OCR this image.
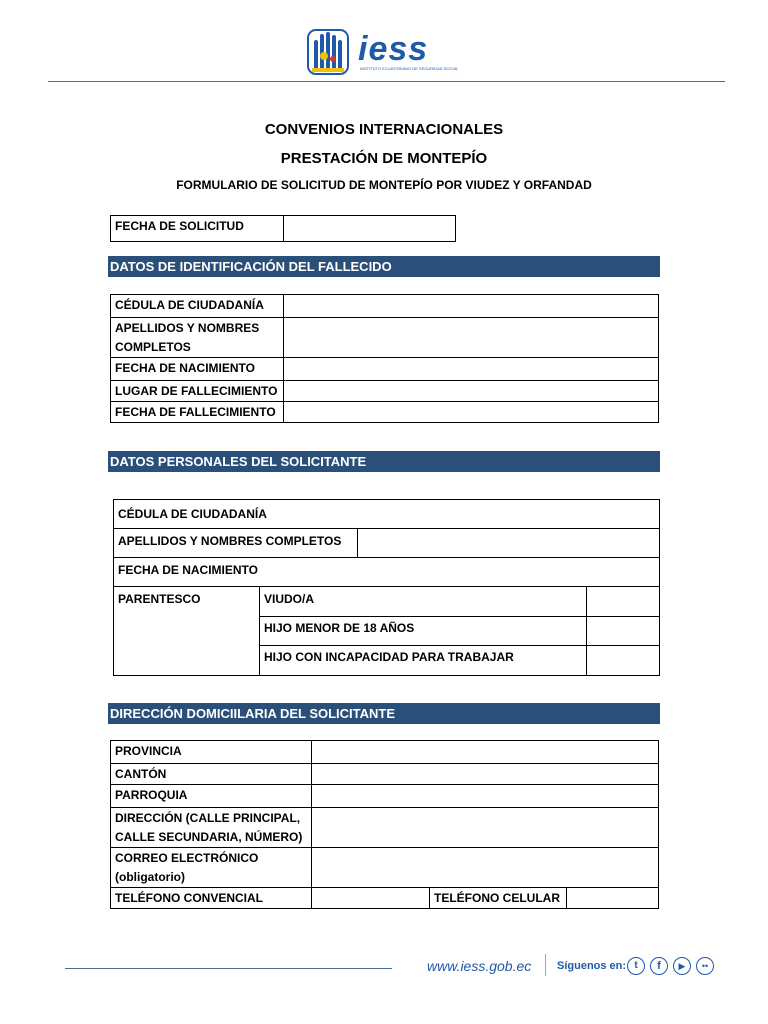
iess
INSTITUTO ECUATORIANO DE SEGURIDAD SOCIAL
CONVENIOS INTERNACIONALES
PRESTACIÓN DE MONTEPÍO
FORMULARIO DE SOLICITUD DE MONTEPÍO POR VIUDEZ Y ORFANDAD
FECHA DE SOLICITUD
DATOS DE IDENTIFICACIÓN DEL FALLECIDO
CÉDULA DE CIUDADANÍA
APELLIDOS Y NOMBRES COMPLETOS
FECHA DE NACIMIENTO
LUGAR DE FALLECIMIENTO
FECHA DE FALLECIMIENTO
DATOS PERSONALES DEL SOLICITANTE
CÉDULA DE CIUDADANÍA
APELLIDOS Y NOMBRES COMPLETOS
FECHA DE NACIMIENTO
PARENTESCO	VIUDO/A
HIJO MENOR DE 18 AÑOS
HIJO CON INCAPACIDAD PARA TRABAJAR
DIRECCIÓN DOMICIILARIA DEL SOLICITANTE
PROVINCIA
CANTÓN
PARROQUIA
DIRECCIÓN (CALLE PRINCIPAL, CALLE SECUNDARIA, NÚMERO)
CORREO ELECTRÓNICO (obligatorio)
TELÉFONO CONVENCIAL	TELÉFONO CELULAR
www.iess.gob.ec Síguenos en: t	f	▶	••
